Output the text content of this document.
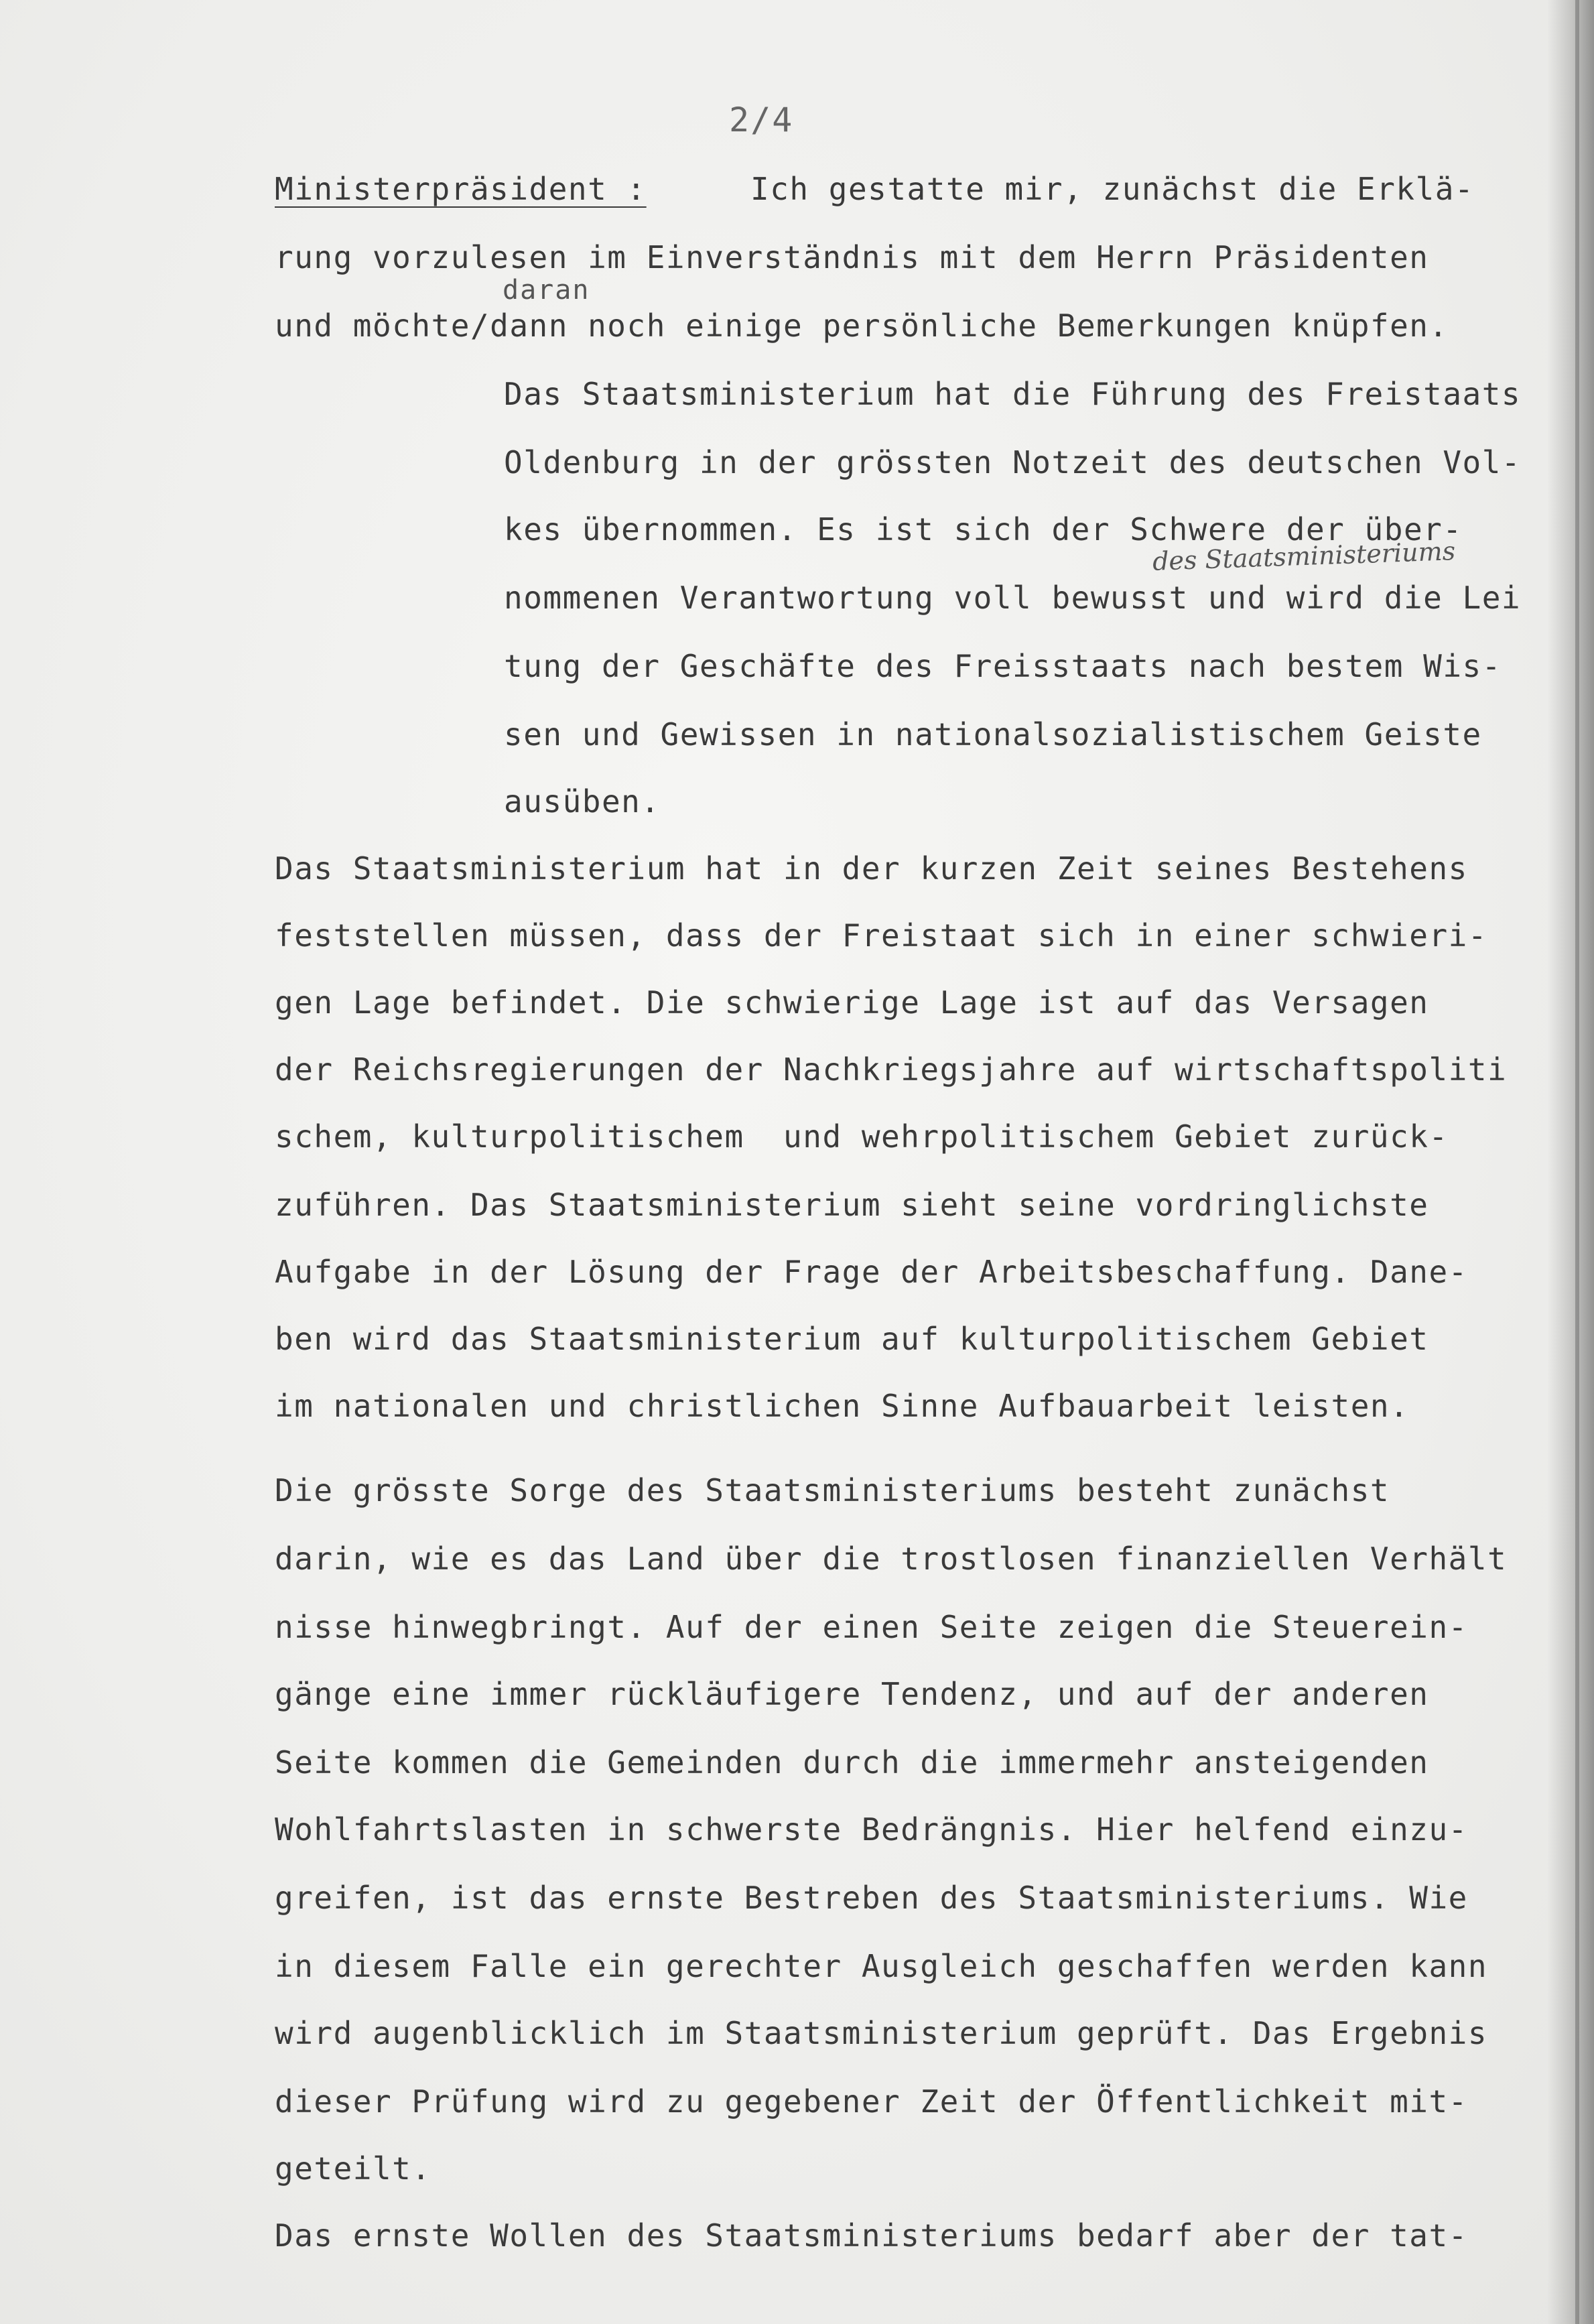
2/4
Ministerpräsident :	Ich gestatte mir, zunächst die Erklä-
rung vorzulesen im Einverständnis mit dem Herrn Präsidenten
daran
und möchte/dann noch einige persönliche Bemerkungen knüpfen.
Das Staatsministerium hat die Führung des Freistaats
Oldenburg in der grössten Notzeit des deutschen Vol-
kes übernommen. Es ist sich der Schwere der über-
des Staatsministeriums
nommenen Verantwortung voll bewusst und wird die Lei
tung der Geschäfte des Freisstaats nach bestem Wis-
sen und Gewissen in nationalsozialistischem Geiste
ausüben.
Das Staatsministerium hat in der kurzen Zeit seines Bestehens
feststellen müssen, dass der Freistaat sich in einer schwieri-
gen Lage befindet. Die schwierige Lage ist auf das Versagen
der Reichsregierungen der Nachkriegsjahre auf wirtschaftspoliti
schem, kulturpolitischem  und wehrpolitischem Gebiet zurück-
zuführen. Das Staatsministerium sieht seine vordringlichste
Aufgabe in der Lösung der Frage der Arbeitsbeschaffung. Dane-
ben wird das Staatsministerium auf kulturpolitischem Gebiet
im nationalen und christlichen Sinne Aufbauarbeit leisten.
Die grösste Sorge des Staatsministeriums besteht zunächst
darin, wie es das Land über die trostlosen finanziellen Verhält
nisse hinwegbringt. Auf der einen Seite zeigen die Steuerein-
gänge eine immer rückläufigere Tendenz, und auf der anderen
Seite kommen die Gemeinden durch die immermehr ansteigenden
Wohlfahrtslasten in schwerste Bedrängnis. Hier helfend einzu-
greifen, ist das ernste Bestreben des Staatsministeriums. Wie
in diesem Falle ein gerechter Ausgleich geschaffen werden kann
wird augenblicklich im Staatsministerium geprüft. Das Ergebnis
dieser Prüfung wird zu gegebener Zeit der Öffentlichkeit mit-
geteilt.
Das ernste Wollen des Staatsministeriums bedarf aber der tat-
